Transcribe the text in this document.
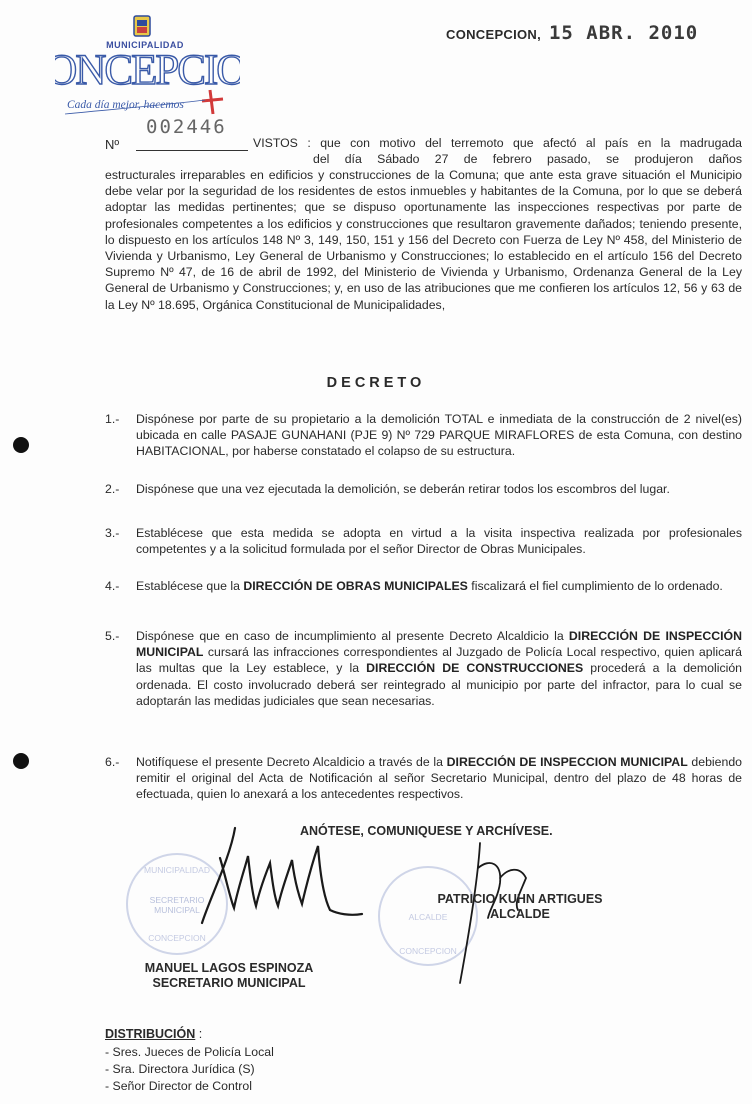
MUNICIPALIDAD
ONCEPCIO
Cada día mejor, hacemos
CONCEPCION, 15 ABR. 2010
002446
Nº	VISTOS : que con motivo del terremoto que afectó al país en la madrugada
del día Sábado 27 de febrero pasado, se produjeron daños
estructurales irreparables en edificios y construcciones de la Comuna; que ante esta grave situación el Municipio debe velar por la seguridad de los residentes de estos inmuebles y habitantes de la Comuna, por lo que se deberá adoptar las medidas pertinentes; que se dispuso oportunamente las inspecciones respectivas por parte de profesionales competentes a los edificios y construcciones que resultaron gravemente dañados; teniendo presente, lo dispuesto en los artículos 148 Nº 3, 149, 150, 151 y 156 del Decreto con Fuerza de Ley Nº 458, del Ministerio de Vivienda y Urbanismo, Ley General de Urbanismo y Construcciones; lo establecido en el artículo 156 del Decreto Supremo Nº 47, de 16 de abril de 1992, del Ministerio de Vivienda y Urbanismo, Ordenanza General de la Ley General de Urbanismo y Construcciones; y, en uso de las atribuciones que me confieren los artículos 12, 56 y 63 de la Ley Nº 18.695, Orgánica Constitucional de Municipalidades,
DECRETO
1.- Dispónese por parte de su propietario a la demolición TOTAL e inmediata de la construcción de 2 nivel(es) ubicada en calle PASAJE GUNAHANI (PJE 9) Nº 729 PARQUE MIRAFLORES de esta Comuna, con destino HABITACIONAL, por haberse constatado el colapso de su estructura.
2.- Dispónese que una vez ejecutada la demolición, se deberán retirar todos los escombros del lugar.
3.- Establécese que esta medida se adopta en virtud a la visita inspectiva realizada por profesionales competentes y a la solicitud formulada por el señor Director de Obras Municipales.
4.- Establécese que la DIRECCIÓN DE OBRAS MUNICIPALES fiscalizará el fiel cumplimiento de lo ordenado.
5.- Dispónese que en caso de incumplimiento al presente Decreto Alcaldicio la DIRECCIÓN DE INSPECCIÓN MUNICIPAL cursará las infracciones correspondientes al Juzgado de Policía Local respectivo, quien aplicará las multas que la Ley establece, y la DIRECCIÓN DE CONSTRUCCIONES procederá a la demolición ordenada. El costo involucrado deberá ser reintegrado al municipio por parte del infractor, para lo cual se adoptarán las medidas judiciales que sean necesarias.
6.- Notifíquese el presente Decreto Alcaldicio a través de la DIRECCIÓN DE INSPECCION MUNICIPAL debiendo remitir el original del Acta de Notificación al señor Secretario Municipal, dentro del plazo de 48 horas de efectuada, quien lo anexará a los antecedentes respectivos.
ANÓTESE, COMUNIQUESE Y ARCHÍVESE.
SECRETARIO
MUNICIPAL
MUNICIPALIDAD
CONCEPCION
ALCALDE
CONCEPCION
PATRICIO KUHN ARTIGUES
ALCALDE
MANUEL LAGOS ESPINOZA
SECRETARIO MUNICIPAL
DISTRIBUCIÓN :
- Sres. Jueces de Policía Local
- Sra. Directora Jurídica (S)
- Señor Director de Control
